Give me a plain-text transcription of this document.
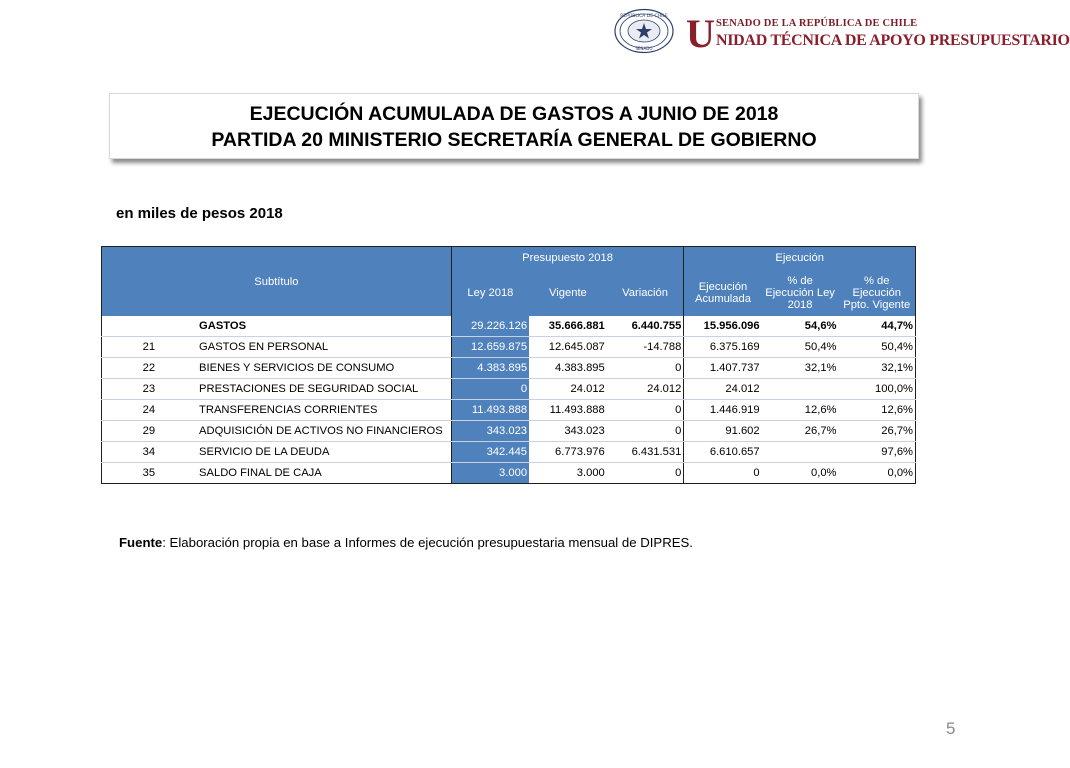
REPÚBLICA DE CHILE
SENADO U SENADO DE LA REPÚBLICA DE CHILE
NIDAD TÉCNICA DE APOYO PRESUPUESTARIO
EJECUCIÓN ACUMULADA DE GASTOS A JUNIO DE 2018
PARTIDA 20 MINISTERIO SECRETARÍA GENERAL DE GOBIERNO
en miles de pesos 2018
Subtítulo		Presupuesto 2018			Ejecución		
		Ley 2018	Vigente	Variación	Ejecución Acumulada	% de Ejecución Ley 2018	% de Ejecución Ppto. Vigente
	GASTOS	29.226.126	35.666.881	6.440.755	15.956.096	54,6%	44,7%
21	GASTOS EN PERSONAL	12.659.875	12.645.087	-14.788	6.375.169	50,4%	50,4%
22	BIENES Y SERVICIOS DE CONSUMO	4.383.895	4.383.895	0	1.407.737	32,1%	32,1%
23	PRESTACIONES DE SEGURIDAD SOCIAL	0	24.012	24.012	24.012		100,0%
24	TRANSFERENCIAS CORRIENTES	11.493.888	11.493.888	0	1.446.919	12,6%	12,6%
29	ADQUISICIÓN DE ACTIVOS NO FINANCIEROS	343.023	343.023	0	91.602	26,7%	26,7%
34	SERVICIO DE LA DEUDA	342.445	6.773.976	6.431.531	6.610.657		97,6%
35	SALDO FINAL DE CAJA	3.000	3.000	0	0	0,0%	0,0%
Fuente: Elaboración propia en base a Informes de ejecución presupuestaria mensual de DIPRES.
5
